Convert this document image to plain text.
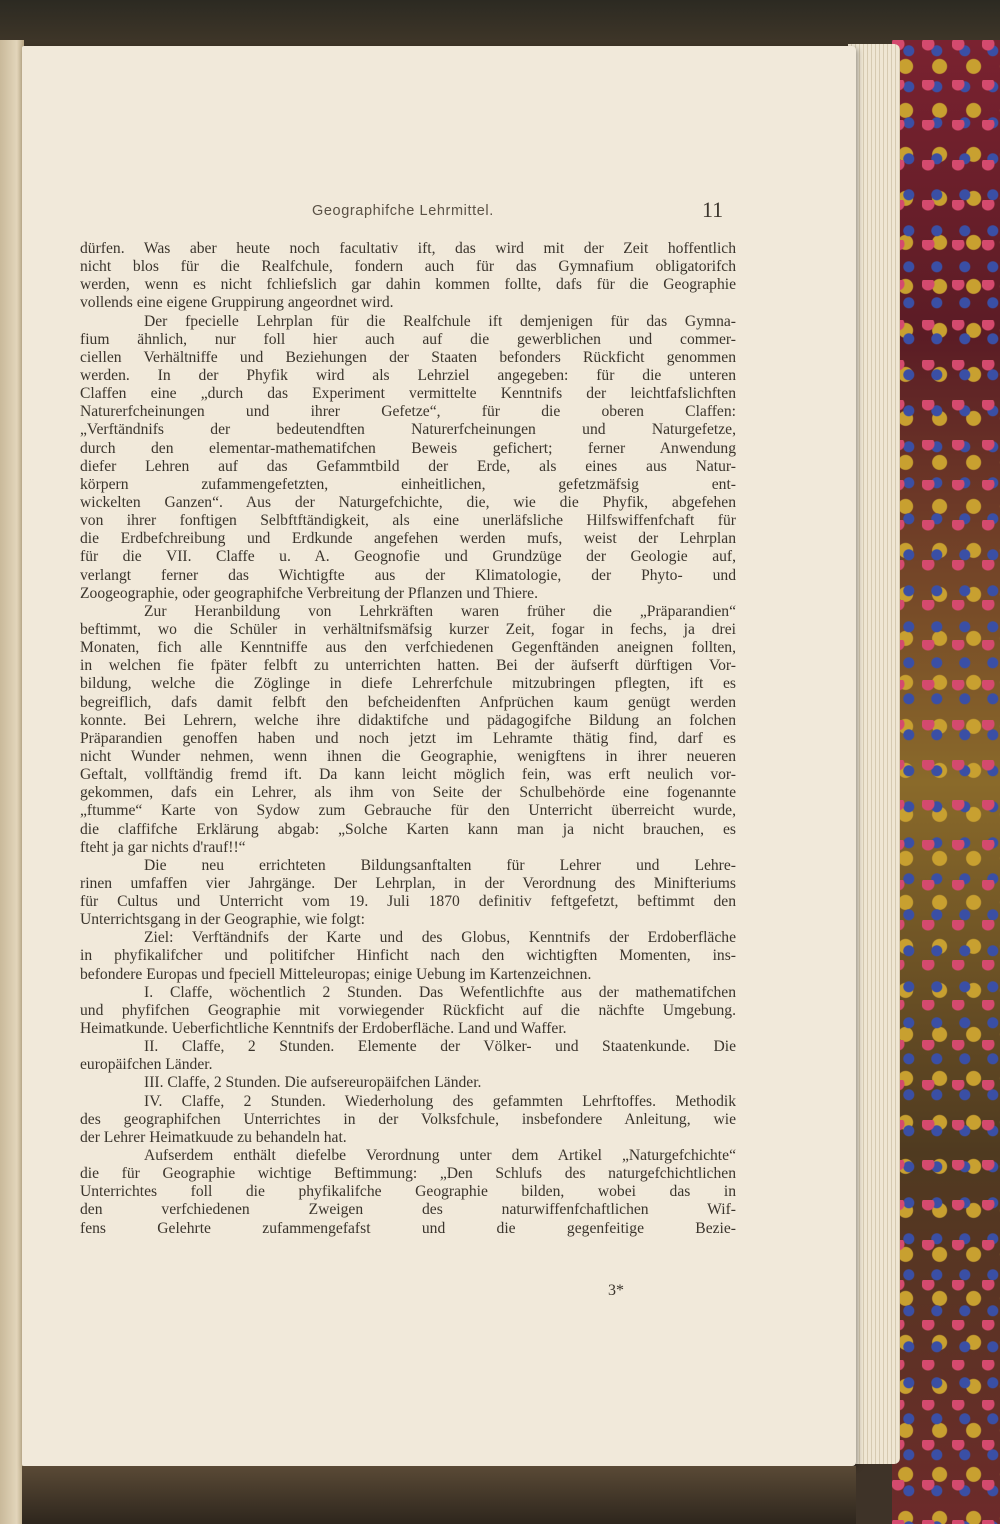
Geographifche Lehrmittel.	11
dürfen. Was aber heute noch facultativ ift, das wird mit der Zeit hoffentlich
nicht blos für die Realfchule, fondern auch für das Gymnafium obligatorifch
werden, wenn es nicht fchliefslich gar dahin kommen follte, dafs für die Geographie
vollends eine eigene Gruppirung angeordnet wird.
Der fpecielle Lehrplan für die Realfchule ift demjenigen für das Gymna-
fium ähnlich, nur foll hier auch auf die gewerblichen und commer-
ciellen Verhältniffe und Beziehungen der Staaten befonders Rückficht genommen
werden. In der Phyfik wird als Lehrziel angegeben: für die unteren
Claffen eine „durch das Experiment vermittelte Kenntnifs der leichtfafslichften
Naturerfcheinungen und ihrer Gefetze“, für die oberen Claffen:
„Verftändnifs der bedeutendften Naturerfcheinungen und Naturgefetze,
durch den elementar-mathematifchen Beweis gefichert; ferner Anwendung
diefer Lehren auf das Gefammtbild der Erde, als eines aus Natur-
körpern zufammengefetzten, einheitlichen, gefetzmäfsig ent-
wickelten Ganzen“. Aus der Naturgefchichte, die, wie die Phyfik, abgefehen
von ihrer fonftigen Selbftftändigkeit, als eine unerläfsliche Hilfswiffenfchaft für
die Erdbefchreibung und Erdkunde angefehen werden mufs, weist der Lehrplan
für die VII. Claffe u. A. Geognofie und Grundzüge der Geologie auf,
verlangt ferner das Wichtigfte aus der Klimatologie, der Phyto- und
Zoogeographie, oder geographifche Verbreitung der Pflanzen und Thiere.
Zur Heranbildung von Lehrkräften waren früher die „Präparandien“
beftimmt, wo die Schüler in verhältnifsmäfsig kurzer Zeit, fogar in fechs, ja drei
Monaten, fich alle Kenntniffe aus den verfchiedenen Gegenftänden aneignen follten,
in welchen fie fpäter felbft zu unterrichten hatten. Bei der äufserft dürftigen Vor-
bildung, welche die Zöglinge in diefe Lehrerfchule mitzubringen pflegten, ift es
begreiflich, dafs damit felbft den befcheidenften Anfprüchen kaum genügt werden
konnte. Bei Lehrern, welche ihre didaktifche und pädagogifche Bildung an folchen
Präparandien genoffen haben und noch jetzt im Lehramte thätig find, darf es
nicht Wunder nehmen, wenn ihnen die Geographie, wenigftens in ihrer neueren
Geftalt, vollftändig fremd ift. Da kann leicht möglich fein, was erft neulich vor-
gekommen, dafs ein Lehrer, als ihm von Seite der Schulbehörde eine fogenannte
„ftumme“ Karte von Sydow zum Gebrauche für den Unterricht überreicht wurde,
die claffifche Erklärung abgab: „Solche Karten kann man ja nicht brauchen, es
fteht ja gar nichts d'rauf!!“
Die neu errichteten Bildungsanftalten für Lehrer und Lehre-
rinen umfaffen vier Jahrgänge. Der Lehrplan, in der Verordnung des Minifteriums
für Cultus und Unterricht vom 19. Juli 1870 definitiv feftgefetzt, beftimmt den
Unterrichtsgang in der Geographie, wie folgt:
Ziel: Verftändnifs der Karte und des Globus, Kenntnifs der Erdoberfläche
in phyfikalifcher und politifcher Hinficht nach den wichtigften Momenten, ins-
befondere Europas und fpeciell Mitteleuropas; einige Uebung im Kartenzeichnen.
I. Claffe, wöchentlich 2 Stunden. Das Wefentlichfte aus der mathematifchen
und phyfifchen Geographie mit vorwiegender Rückficht auf die nächfte Umgebung.
Heimatkunde. Ueberfichtliche Kenntnifs der Erdoberfläche. Land und Waffer.
II. Claffe, 2 Stunden. Elemente der Völker- und Staatenkunde. Die
europäifchen Länder.
III. Claffe, 2 Stunden. Die aufsereuropäifchen Länder.
IV. Claffe, 2 Stunden. Wiederholung des gefammten Lehrftoffes. Methodik
des geographifchen Unterrichtes in der Volksfchule, insbefondere Anleitung, wie
der Lehrer Heimatkuude zu behandeln hat.
Aufserdem enthält diefelbe Verordnung unter dem Artikel „Naturgefchichte“
die für Geographie wichtige Beftimmung: „Den Schlufs des naturgefchichtlichen
Unterrichtes foll die phyfikalifche Geographie bilden, wobei das in
den verfchiedenen Zweigen des naturwiffenfchaftlichen Wif-
fens Gelehrte zufammengefafst und die gegenfeitige Bezie-
3*
